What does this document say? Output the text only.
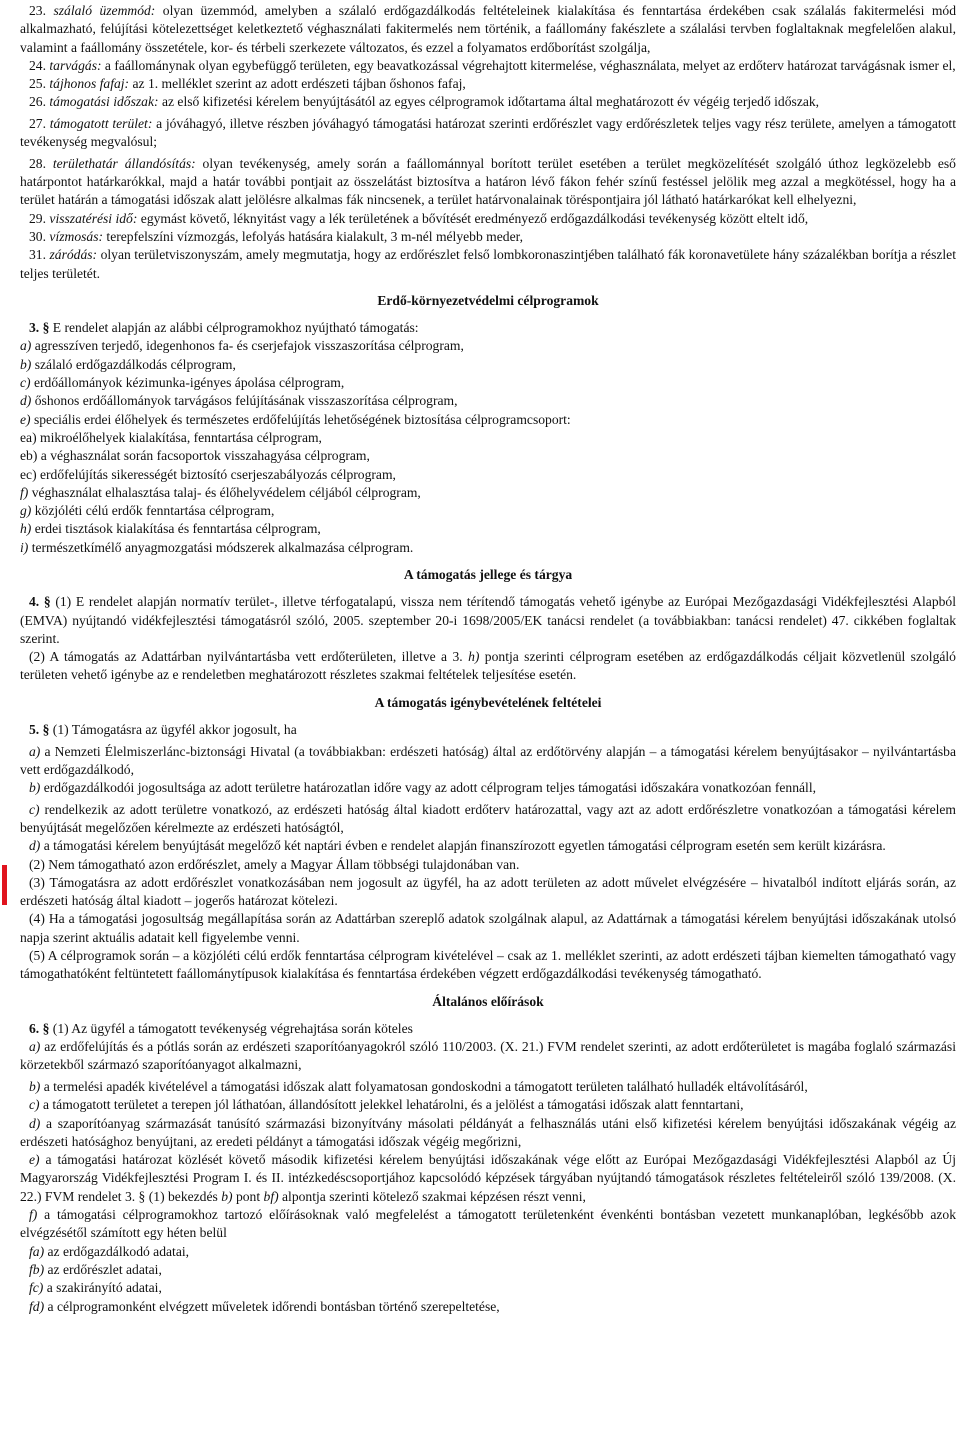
23. szálaló üzemmód: olyan üzemmód, amelyben a szálaló erdőgazdálkodás feltételeinek kialakítása és fenntartása érdekében csak szálalás fakitermelési mód alkalmazható, felújítási kötelezettséget keletkeztető véghasználati fakitermelés nem történik, a faállomány fakészlete a szálalási tervben foglaltaknak megfelelően alakul, valamint a faállomány összetétele, kor- és térbeli szerkezete változatos, és ezzel a folyamatos erdőborítást szolgálja,

24. tarvágás: a faállománynak olyan egybefüggő területen, egy beavatkozással végrehajtott kitermelése, véghasználata, melyet az erdőterv határozat tarvágásnak ismer el,

25. tájhonos fafaj: az 1. melléklet szerint az adott erdészeti tájban őshonos fafaj,

26. támogatási időszak: az első kifizetési kérelem benyújtásától az egyes célprogramok időtartama által meghatározott év végéig terjedő időszak,

27. támogatott terület: a jóváhagyó, illetve részben jóváhagyó támogatási határozat szerinti erdőrészlet vagy erdőrészletek teljes vagy rész területe, amelyen a támogatott tevékenység megvalósul;

28. területhatár állandósítás: olyan tevékenység, amely során a faállománnyal borított terület esetében a terület megközelítését szolgáló úthoz legközelebb eső határpontot határkarókkal, majd a határ további pontjait az összelátást biztosítva a határon lévő fákon fehér színű festéssel jelölik meg azzal a megkötéssel, hogy ha a terület határán a támogatási időszak alatt jelölésre alkalmas fák nincsenek, a terület határvonalainak töréspontjaira jól látható határkarókat kell elhelyezni,

29. visszatérési idő: egymást követő, léknyitást vagy a lék területének a bővítését eredményező erdőgazdálkodási tevékenység között eltelt idő,

30. vízmosás: terepfelszíni vízmozgás, lefolyás hatására kialakult, 3 m-nél mélyebb meder,

31. záródás: olyan területviszonyszám, amely megmutatja, hogy az erdőrészlet felső lombkoronaszintjében található fák koronavetülete hány százalékban borítja a részlet teljes területét.

Erdő-környezetvédelmi célprogramok

3. § E rendelet alapján az alábbi célprogramokhoz nyújtható támogatás:

a) agresszíven terjedő, idegenhonos fa- és cserjefajok visszaszorítása célprogram,

b) szálaló erdőgazdálkodás célprogram,

c) erdőállományok kézimunka-igényes ápolása célprogram,

d) őshonos erdőállományok tarvágásos felújításának visszaszorítása célprogram,

e) speciális erdei élőhelyek és természetes erdőfelújítás lehetőségének biztosítása célprogramcsoport:

ea) mikroélőhelyek kialakítása, fenntartása célprogram,

eb) a véghasználat során facsoportok visszahagyása célprogram,

ec) erdőfelújítás sikerességét biztosító cserjeszabályozás célprogram,

f) véghasználat elhalasztása talaj- és élőhelyvédelem céljából célprogram,

g) közjóléti célú erdők fenntartása célprogram,

h) erdei tisztások kialakítása és fenntartása célprogram,

i) természetkímélő anyagmozgatási módszerek alkalmazása célprogram.

A támogatás jellege és tárgya

4. § (1) E rendelet alapján normatív terület-, illetve térfogatalapú, vissza nem térítendő támogatás vehető igénybe az Európai Mezőgazdasági Vidékfejlesztési Alapból (EMVA) nyújtandó vidékfejlesztési támogatásról szóló, 2005. szeptember 20-i 1698/2005/EK tanácsi rendelet (a továbbiakban: tanácsi rendelet) 47. cikkében foglaltak szerint.

(2) A támogatás az Adattárban nyilvántartásba vett erdőterületen, illetve a 3. h) pontja szerinti célprogram esetében az erdőgazdálkodás céljait közvetlenül szolgáló területen vehető igénybe az e rendeletben meghatározott részletes szakmai feltételek teljesítése esetén.

A támogatás igénybevételének feltételei

5. § (1) Támogatásra az ügyfél akkor jogosult, ha

a) a Nemzeti Élelmiszerlánc-biztonsági Hivatal (a továbbiakban: erdészeti hatóság) által az erdőtörvény alapján – a támogatási kérelem benyújtásakor – nyilvántartásba vett erdőgazdálkodó,

b) erdőgazdálkodói jogosultsága az adott területre határozatlan időre vagy az adott célprogram teljes támogatási időszakára vonatkozóan fennáll,

c) rendelkezik az adott területre vonatkozó, az erdészeti hatóság által kiadott erdőterv határozattal, vagy azt az adott erdőrészletre vonatkozóan a támogatási kérelem benyújtását megelőzően kérelmezte az erdészeti hatóságtól,

d) a támogatási kérelem benyújtását megelőző két naptári évben e rendelet alapján finanszírozott egyetlen támogatási célprogram esetén sem került kizárásra.

(2) Nem támogatható azon erdőrészlet, amely a Magyar Állam többségi tulajdonában van.

(3) Támogatásra az adott erdőrészlet vonatkozásában nem jogosult az ügyfél, ha az adott területen az adott művelet elvégzésére – hivatalból indított eljárás során, az erdészeti hatóság által kiadott – jogerős határozat kötelezi.

(4) Ha a támogatási jogosultság megállapítása során az Adattárban szereplő adatok szolgálnak alapul, az Adattárnak a támogatási kérelem benyújtási időszakának utolsó napja szerint aktuális adatait kell figyelembe venni.

(5) A célprogramok során – a közjóléti célú erdők fenntartása célprogram kivételével – csak az 1. melléklet szerinti, az adott erdészeti tájban kiemelten támogatható vagy támogathatóként feltüntetett faállománytípusok kialakítása és fenntartása érdekében végzett erdőgazdálkodási tevékenység támogatható.

Általános előírások

6. § (1) Az ügyfél a támogatott tevékenység végrehajtása során köteles

a) az erdőfelújítás és a pótlás során az erdészeti szaporítóanyagokról szóló 110/2003. (X. 21.) FVM rendelet szerinti, az adott erdőterületet is magába foglaló származási körzetekből származó szaporítóanyagot alkalmazni,

b) a termelési apadék kivételével a támogatási időszak alatt folyamatosan gondoskodni a támogatott területen található hulladék eltávolításáról,

c) a támogatott területet a terepen jól láthatóan, állandósított jelekkel lehatárolni, és a jelölést a támogatási időszak alatt fenntartani,

d) a szaporítóanyag származását tanúsító származási bizonyítvány másolati példányát a felhasználás utáni első kifizetési kérelem benyújtási időszakának végéig az erdészeti hatósághoz benyújtani, az eredeti példányt a támogatási időszak végéig megőrizni,

e) a támogatási határozat közlését követő második kifizetési kérelem benyújtási időszakának vége előtt az Európai Mezőgazdasági Vidékfejlesztési Alapból az Új Magyarország Vidékfejlesztési Program I. és II. intézkedéscsoportjához kapcsolódó képzések tárgyában nyújtandó támogatások részletes feltételeiről szóló 139/2008. (X. 22.) FVM rendelet 3. § (1) bekezdés b) pont bf) alpontja szerinti kötelező szakmai képzésen részt venni,

f) a támogatási célprogramokhoz tartozó előírásoknak való megfelelést a támogatott területenként évenkénti bontásban vezetett munkanaplóban, legkésőbb azok elvégzésétől számított egy héten belül

fa) az erdőgazdálkodó adatai,

fb) az erdőrészlet adatai,

fc) a szakirányító adatai,

fd) a célprogramonként elvégzett műveletek időrendi bontásban történő szerepeltetése,
